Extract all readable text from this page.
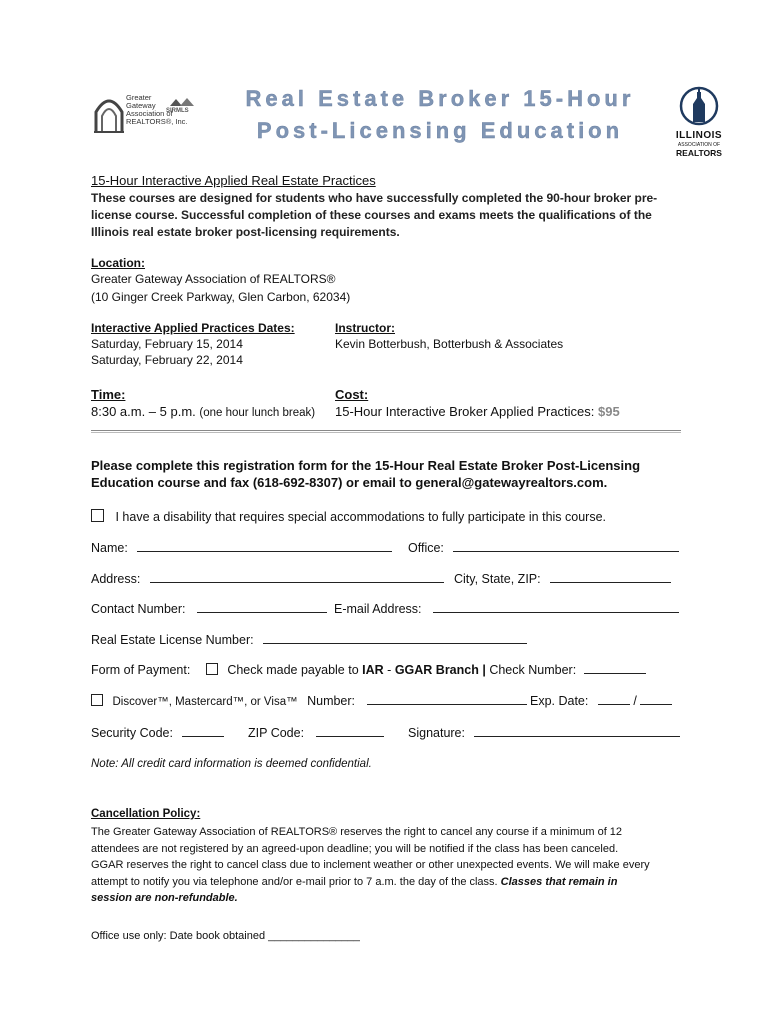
Greater
Gateway
Association of
REALTORS®, Inc.
SIRMLS	Real Estate Broker 15-Hour
Post-Licensing Education	ILLINOIS
ASSOCIATION OF
REALTORS
15-Hour Interactive Applied Real Estate Practices
These courses are designed for students who have successfully completed the 90-hour broker pre-license course. Successful completion of these courses and exams meets the qualifications of the Illinois real estate broker post-licensing requirements.
Location:
Greater Gateway Association of REALTORS®
(10 Ginger Creek Parkway, Glen Carbon, 62034)
Interactive Applied Practices Dates:
Saturday, February 15, 2014
Saturday, February 22, 2014
Instructor:
Kevin Botterbush, Botterbush & Associates
Time:
8:30 a.m. – 5 p.m. (one hour lunch break)
Cost:
15-Hour Interactive Broker Applied Practices: $95
Please complete this registration form for the 15-Hour Real Estate Broker Post-Licensing Education course and fax (618-692-8307) or email to general@gatewayrealtors.com.
I have a disability that requires special accommodations to fully participate in this course.
Name:	Office:
Address:	City, State, ZIP:
Contact Number:	E-mail Address:
Real Estate License Number:
Form of Payment:	Check made payable to IAR - GGAR Branch | Check Number:
Discover™, Mastercard™, or Visa™ Number:	Exp. Date:	/
Security Code:	ZIP Code:	Signature:
Note: All credit card information is deemed confidential.
Cancellation Policy:
The Greater Gateway Association of REALTORS® reserves the right to cancel any course if a minimum of 12 attendees are not registered by an agreed-upon deadline; you will be notified if the class has been canceled. GGAR reserves the right to cancel class due to inclement weather or other unexpected events. We will make every attempt to notify you via telephone and/or e-mail prior to 7 a.m. the day of the class. Classes that remain in session are non-refundable.
Office use only: Date book obtained _______________
